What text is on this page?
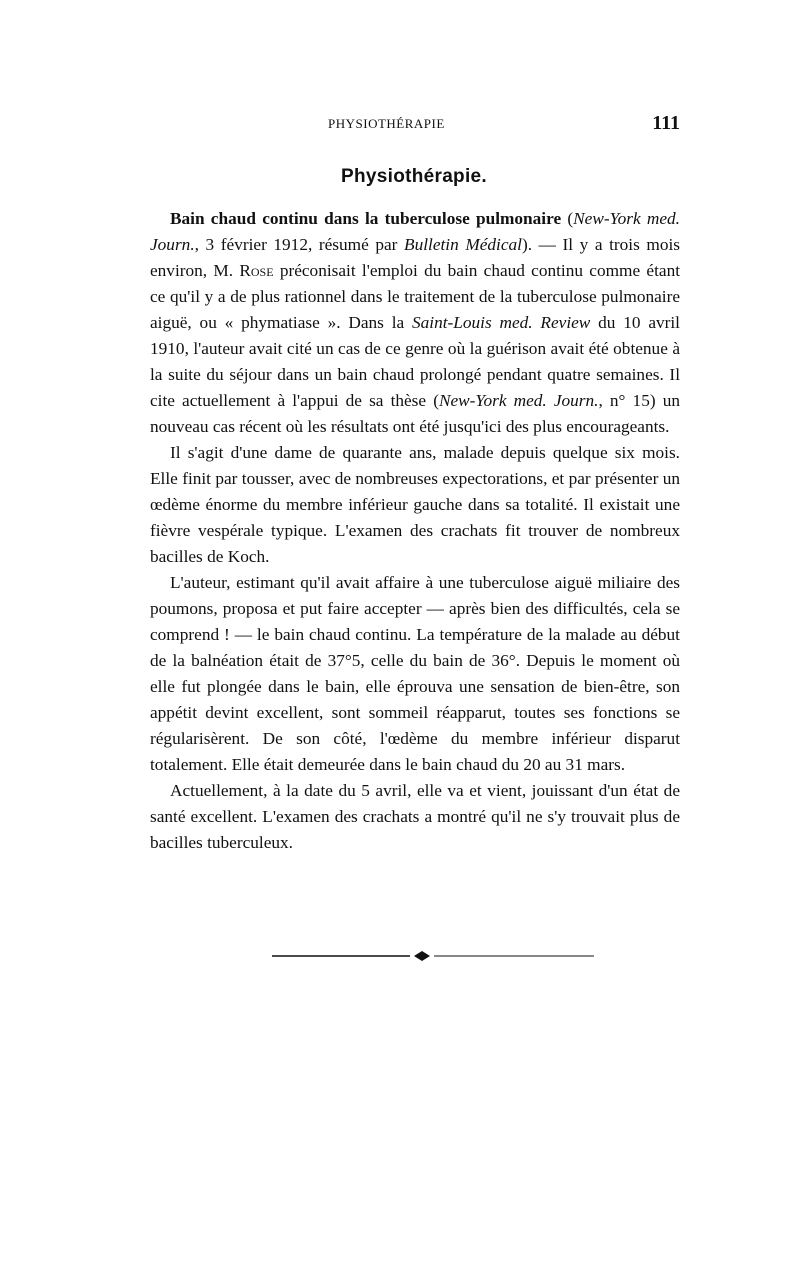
PHYSIOTHÉRAPIE	111
Physiothérapie.

Bain chaud continu dans la tuberculose pulmonaire (New-York med. Journ., 3 février 1912, résumé par Bulletin Médical). — Il y a trois mois environ, M. Rose préconisait l'emploi du bain chaud continu comme étant ce qu'il y a de plus rationnel dans le traitement de la tuberculose pulmonaire aiguë, ou « phymatiase ». Dans la Saint-Louis med. Review du 10 avril 1910, l'auteur avait cité un cas de ce genre où la guérison avait été obtenue à la suite du séjour dans un bain chaud prolongé pendant quatre semaines. Il cite actuellement à l'appui de sa thèse (New-York med. Journ., n° 15) un nouveau cas récent où les résultats ont été jusqu'ici des plus encourageants.

Il s'agit d'une dame de quarante ans, malade depuis quelque six mois. Elle finit par tousser, avec de nombreuses expectorations, et par présenter un œdème énorme du membre inférieur gauche dans sa totalité. Il existait une fièvre vespérale typique. L'examen des crachats fit trouver de nombreux bacilles de Koch.

L'auteur, estimant qu'il avait affaire à une tuberculose aiguë miliaire des poumons, proposa et put faire accepter — après bien des difficultés, cela se comprend ! — le bain chaud continu. La température de la malade au début de la balnéation était de 37°5, celle du bain de 36°. Depuis le moment où elle fut plongée dans le bain, elle éprouva une sensation de bien-être, son appétit devint excellent, sont sommeil réapparut, toutes ses fonctions se régularisèrent. De son côté, l'œdème du membre inférieur disparut totalement. Elle était demeurée dans le bain chaud du 20 au 31 mars.

Actuellement, à la date du 5 avril, elle va et vient, jouissant d'un état de santé excellent. L'examen des crachats a montré qu'il ne s'y trouvait plus de bacilles tuberculeux.
